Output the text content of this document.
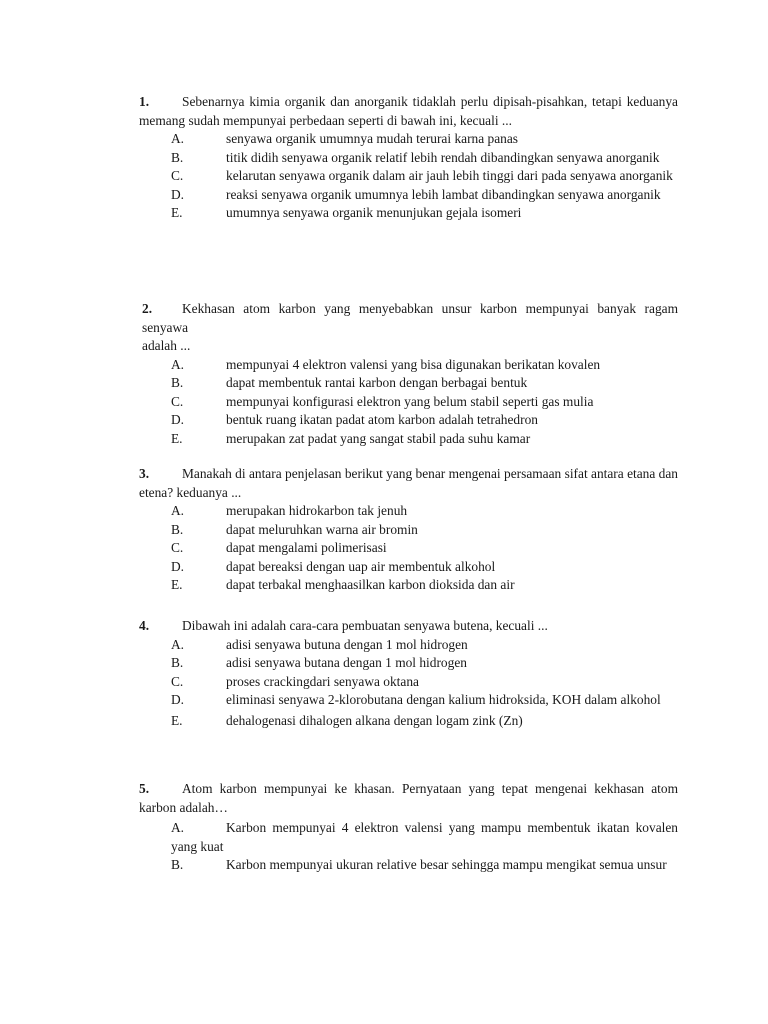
1. Sebenarnya kimia organik dan anorganik tidaklah perlu dipisah-pisahkan, tetapi keduanya memang sudah mempunyai perbedaan seperti di bawah ini, kecuali ...
A.	senyawa organik umumnya mudah terurai karna panas
B.	titik didih senyawa organik relatif lebih rendah dibandingkan senyawa anorganik
C.	kelarutan senyawa organik dalam air jauh lebih tinggi dari pada senyawa anorganik
D.	reaksi senyawa organik umumnya lebih lambat dibandingkan senyawa anorganik
E.	umumnya senyawa organik menunjukan gejala isomeri
2. Kekhasan atom karbon yang menyebabkan unsur karbon mempunyai banyak ragam senyawa
adalah ...
A.	mempunyai 4 elektron valensi yang bisa digunakan berikatan kovalen
B.	dapat membentuk rantai karbon dengan berbagai bentuk
C.	mempunyai konfigurasi elektron yang belum stabil seperti gas mulia
D.	bentuk ruang ikatan padat atom karbon adalah tetrahedron
E.	merupakan zat padat yang sangat stabil pada suhu kamar
3. Manakah di antara penjelasan berikut yang benar mengenai persamaan sifat antara etana dan etena? keduanya ...
A.	merupakan hidrokarbon tak jenuh
B.	dapat meluruhkan warna air bromin
C.	dapat mengalami polimerisasi
D.	dapat bereaksi dengan uap air membentuk alkohol
E.	dapat terbakal menghaasilkan karbon dioksida dan air
4. Dibawah ini adalah cara-cara pembuatan senyawa butena, kecuali ...
A.	adisi senyawa butuna dengan 1 mol hidrogen
B.	adisi senyawa butana dengan 1 mol hidrogen
C.	proses crackingdari senyawa oktana
D.	eliminasi senyawa 2-klorobutana dengan kalium hidroksida, KOH dalam alkohol
E.	dehalogenasi dihalogen alkana dengan logam zink (Zn)
5. Atom karbon mempunyai ke khasan. Pernyataan yang tepat mengenai kekhasan atom karbon adalah…
A.	Karbon mempunyai 4 elektron valensi yang mampu membentuk ikatan kovalen yang kuat
B.	Karbon mempunyai ukuran relative besar sehingga mampu mengikat semua unsur
